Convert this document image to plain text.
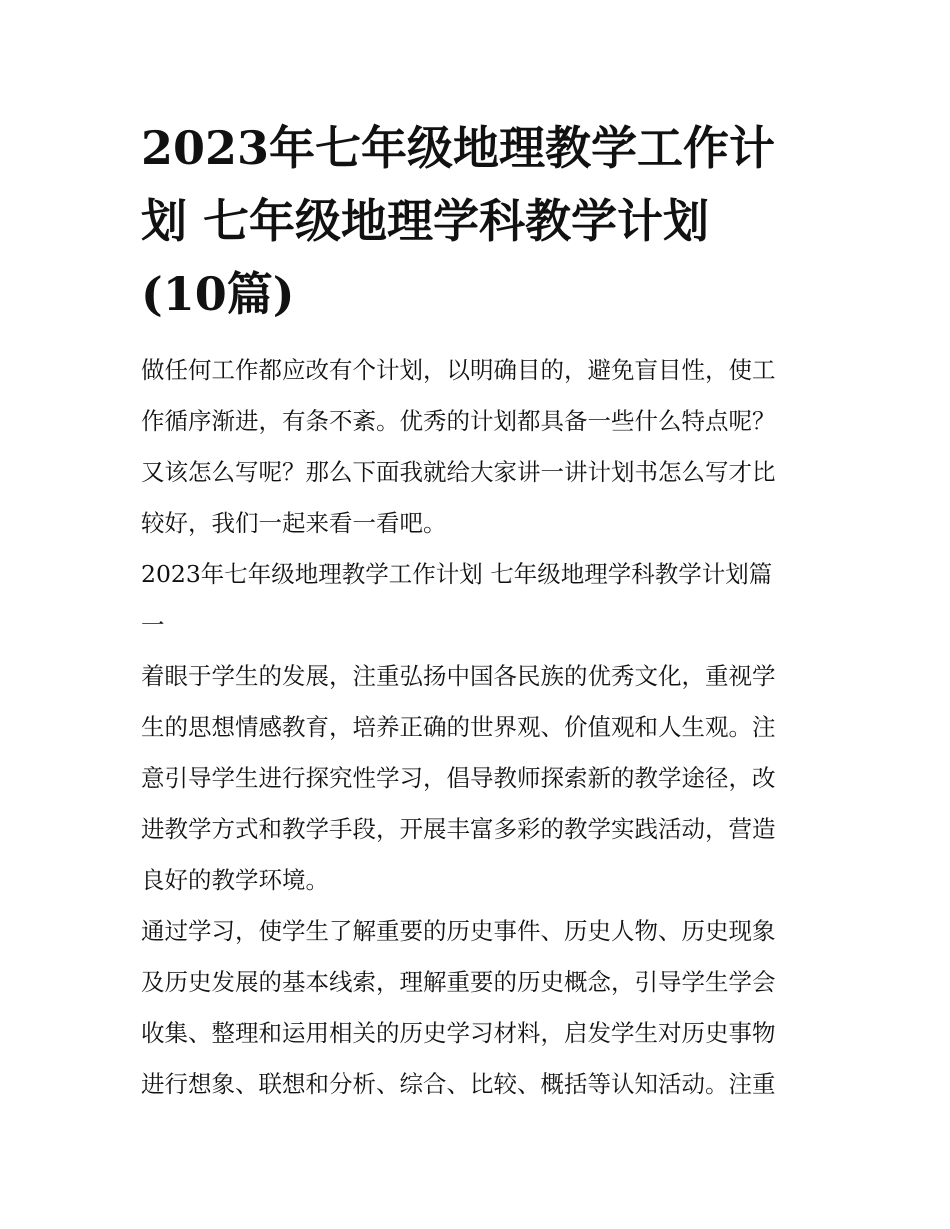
2023年七年级地理教学工作计
划 七年级地理学科教学计划
(10篇)

做任何工作都应改有个计划，以明确目的，避免盲目性，使工
作循序渐进，有条不紊。优秀的计划都具备一些什么特点呢？
又该怎么写呢？那么下面我就给大家讲一讲计划书怎么写才比
较好，我们一起来看一看吧。

2023年七年级地理教学工作计划 七年级地理学科教学计划篇
一

着眼于学生的发展，注重弘扬中国各民族的优秀文化，重视学
生的思想情感教育，培养正确的世界观、价值观和人生观。注
意引导学生进行探究性学习，倡导教师探索新的教学途径，改
进教学方式和教学手段，开展丰富多彩的教学实践活动，营造
良好的教学环境。

通过学习，使学生了解重要的历史事件、历史人物、历史现象
及历史发展的基本线索，理解重要的历史概念，引导学生学会
收集、整理和运用相关的历史学习材料，启发学生对历史事物
进行想象、联想和分析、综合、比较、概括等认知活动。注重
